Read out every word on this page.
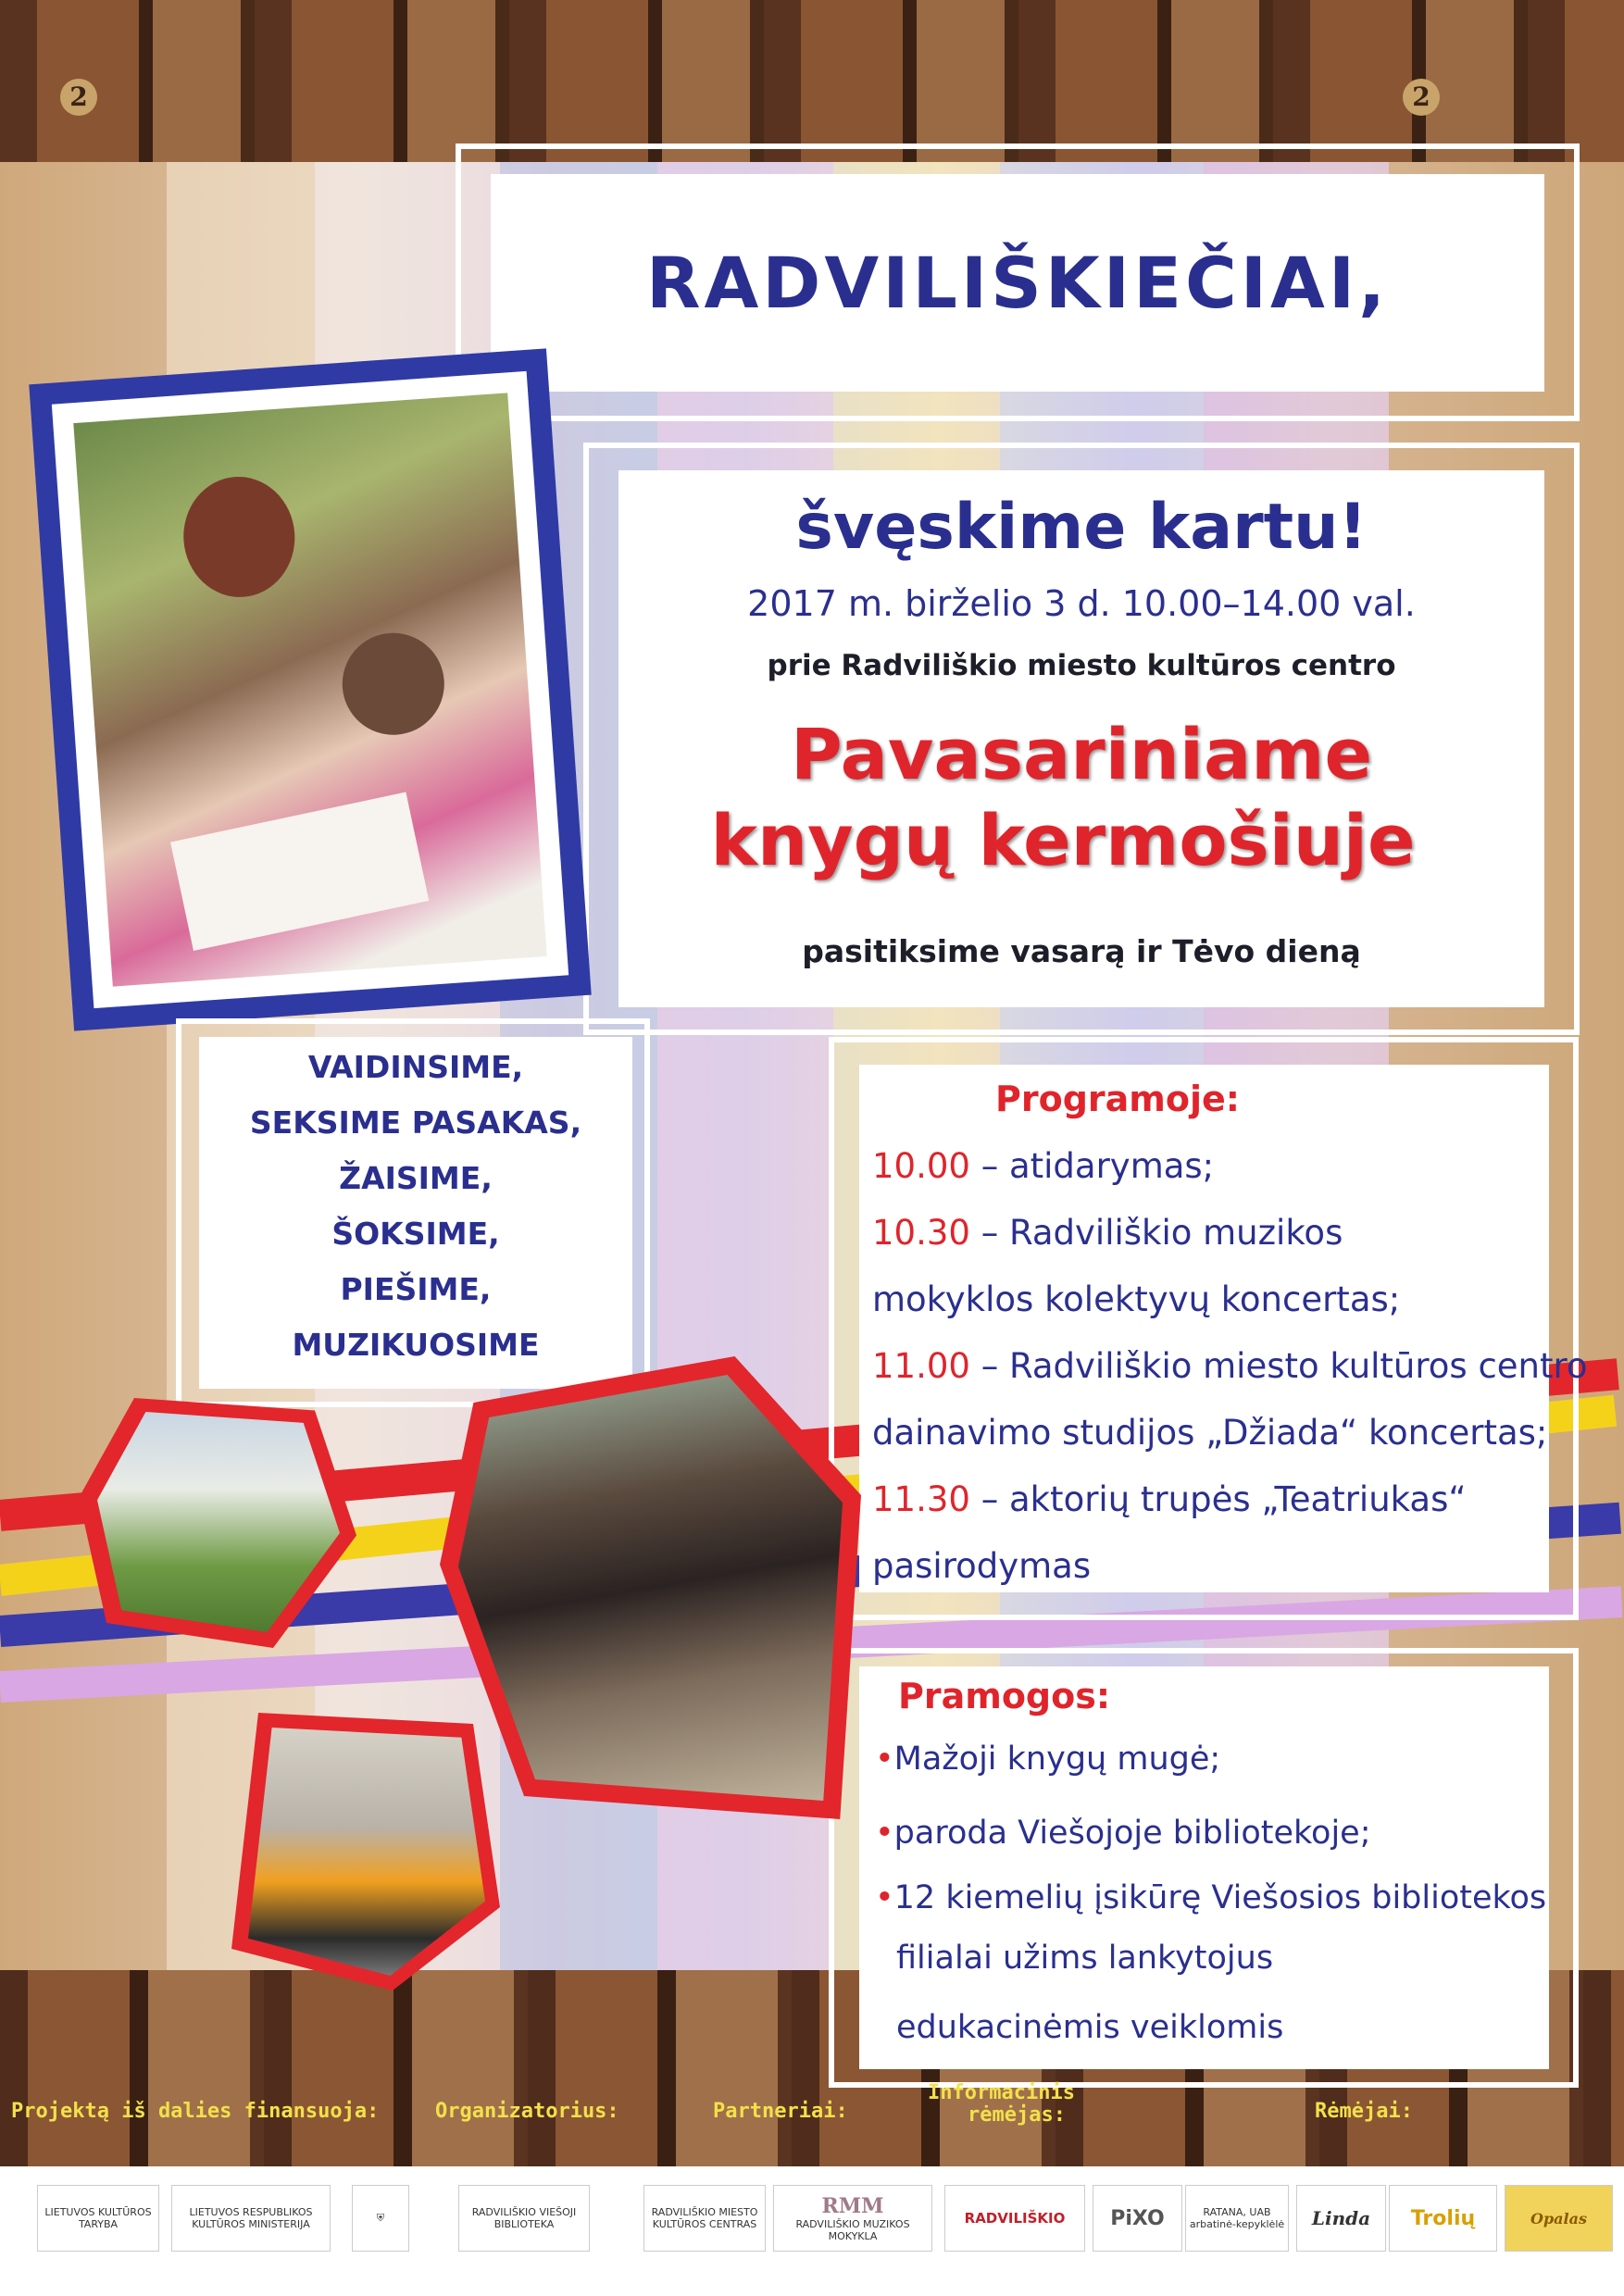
2	2
RADVILIŠKIEČIAI,
švęskime kartu!
2017 m. birželio 3 d. 10.00–14.00 val.
prie Radviliškio miesto kultūros centro
Pavasariniame
knygų kermošiuje
pasitiksime vasarą ir Tėvo dieną
VAIDINSIME,
SEKSIME PASAKAS,
ŽAISIME,
ŠOKSIME,
PIEŠIME,
MUZIKUOSIME
Programoje:
10.00 – atidarymas;
10.30 – Radviliškio muzikos
mokyklos kolektyvų koncertas;
11.00 – Radviliškio miesto kultūros centro
dainavimo studijos „Džiada“ koncertas;
11.30 – aktorių trupės „Teatriukas“
pasirodymas
Pramogos:
•Mažoji knygų mugė;
•paroda Viešojoje bibliotekoje;
•12 kiemelių įsikūrę Viešosios bibliotekos
filialai užims lankytojus
edukacinėmis veiklomis
Projektą iš dalies finansuoja:	Organizatorius:	Partneriai:
Informacinis
rėmėjas:	Rėmėjai:
LIETUVOS KULTŪROS TARYBA
LIETUVOS RESPUBLIKOS KULTŪROS MINISTERIJA
⛨	RADVILIŠKIO VIEŠOJI BIBLIOTEKA
RADVILIŠKIO MIESTO KULTŪROS CENTRAS
RMM
RADVILIŠKIO MUZIKOS MOKYKLA
RADVILIŠKIO	PiXO	RATANA, UAB arbatinė-kepyklėlė	Linda	Trolių	Opalas
